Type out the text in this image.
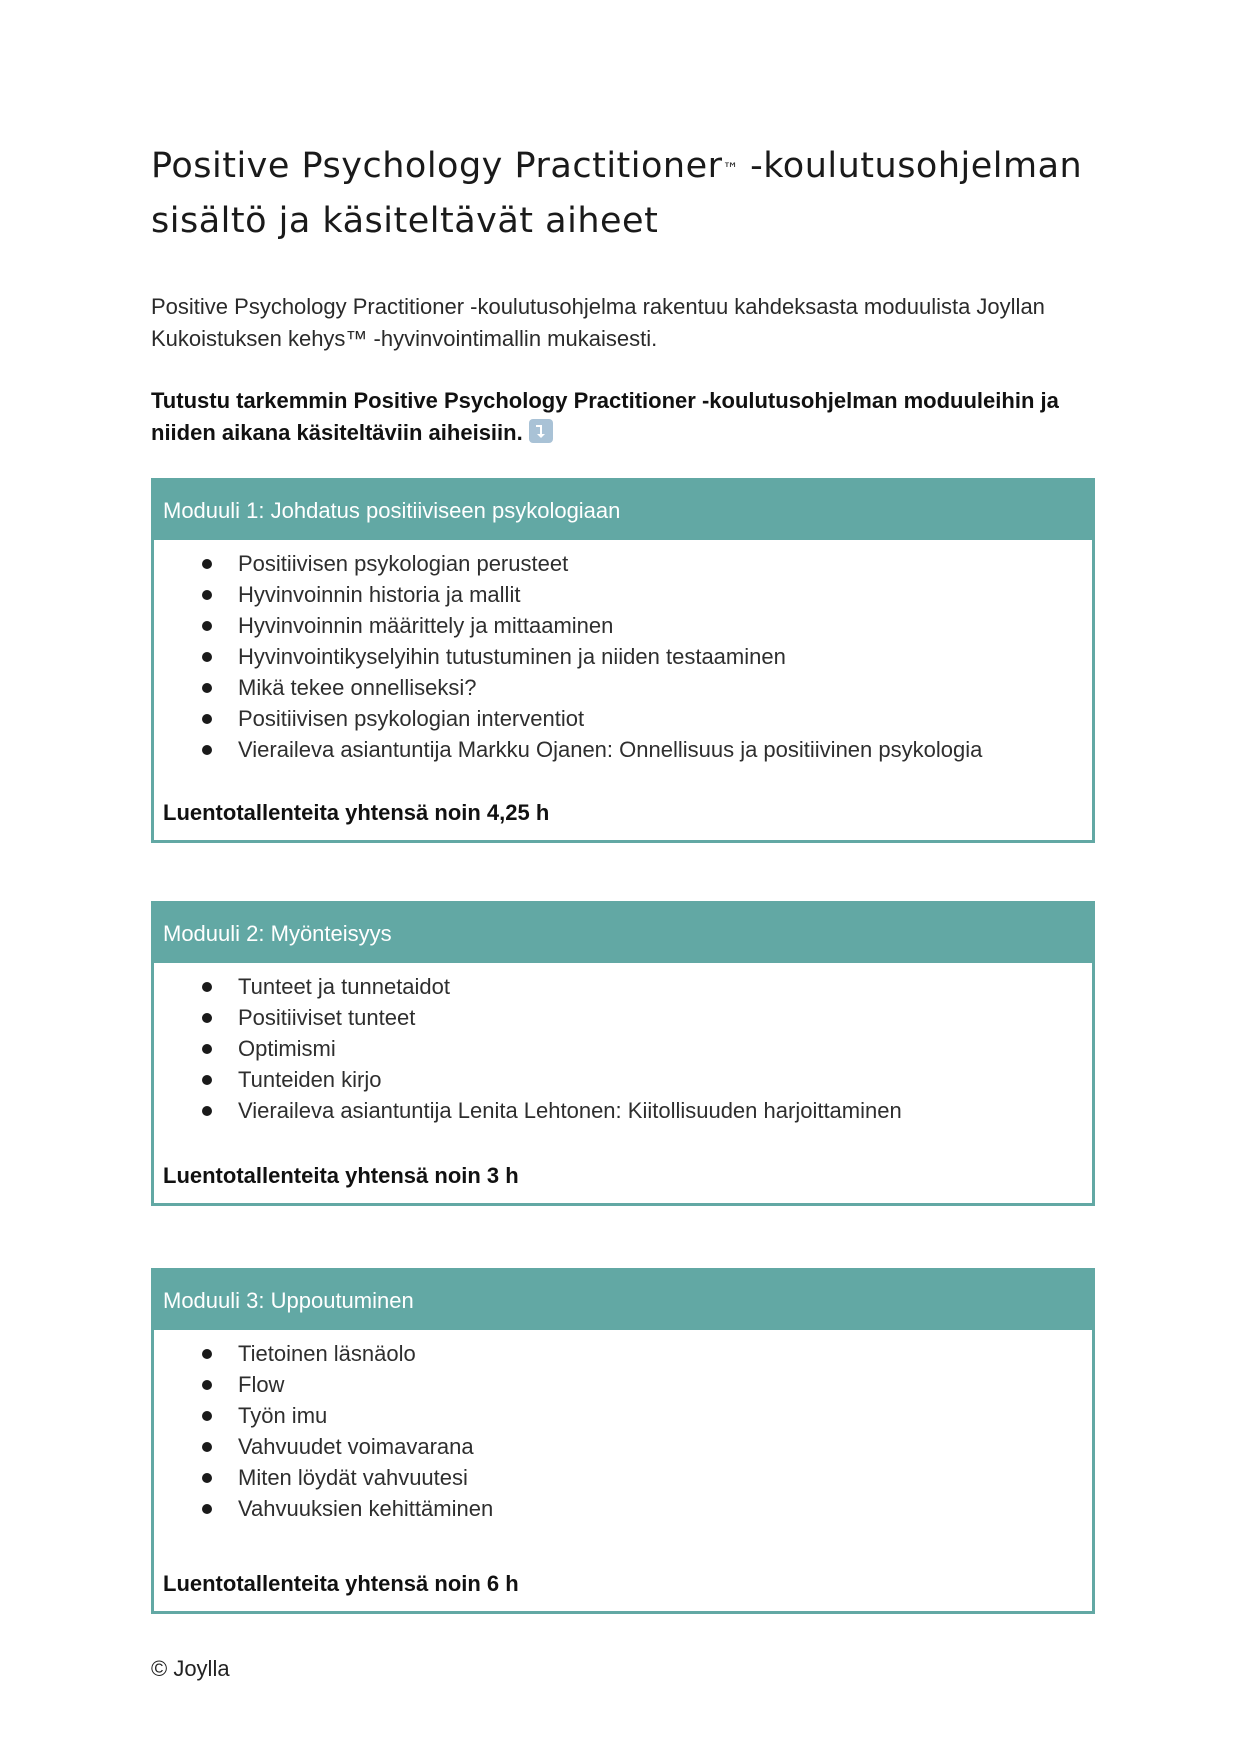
Positive Psychology Practitioner™ -koulutusohjelman
sisältö ja käsiteltävät aiheet

Positive Psychology Practitioner -koulutusohjelma rakentuu kahdeksasta moduulista Joyllan Kukoistuksen kehys™ -hyvinvointimallin mukaisesti.

Tutustu tarkemmin Positive Psychology Practitioner -koulutusohjelman moduuleihin ja niiden aikana käsiteltäviin aiheisiin.

Moduuli 1: Johdatus positiiviseen psykologiaan
Positiivisen psykologian perusteet
Hyvinvoinnin historia ja mallit
Hyvinvoinnin määrittely ja mittaaminen
Hyvinvointikyselyihin tutustuminen ja niiden testaaminen
Mikä tekee onnelliseksi?
Positiivisen psykologian interventiot
Vieraileva asiantuntija Markku Ojanen: Onnellisuus ja positiivinen psykologia
Luentotallenteita yhtensä noin 4,25 h
Moduuli 2: Myönteisyys
Tunteet ja tunnetaidot
Positiiviset tunteet
Optimismi
Tunteiden kirjo
Vieraileva asiantuntija Lenita Lehtonen: Kiitollisuuden harjoittaminen
Luentotallenteita yhtensä noin 3 h
Moduuli 3: Uppoutuminen
Tietoinen läsnäolo
Flow
Työn imu
Vahvuudet voimavarana
Miten löydät vahvuutesi
Vahvuuksien kehittäminen
Luentotallenteita yhtensä noin 6 h
© Joylla
